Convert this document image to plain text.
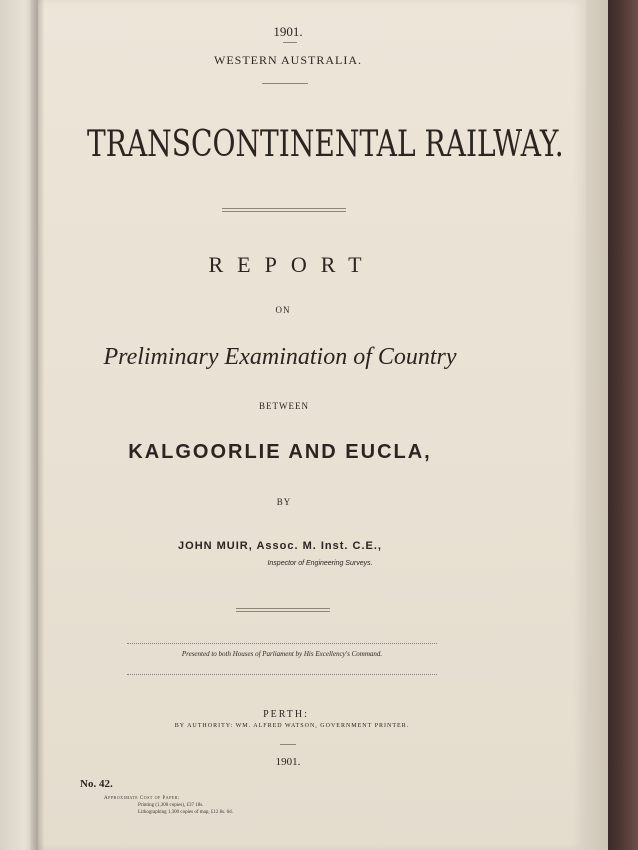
1901.
WESTERN AUSTRALIA.
TRANSCONTINENTAL RAILWAY.
REPORT
ON
Preliminary Examination of Country
BETWEEN
KALGOORLIE AND EUCLA,
BY
JOHN MUIR, Assoc. M. Inst. C.E.,
Inspector of Engineering Surveys.
Presented to both Houses of Parliament by His Excellency's Command.
PERTH:
BY AUTHORITY: WM. ALFRED WATSON, GOVERNMENT PRINTER.
1901.
No. 42.
Approximate Cost of Paper:
Printing (1,300 copies), £37 18s.
Lithographing 1,300 copies of map, £12 8s. 6d.
